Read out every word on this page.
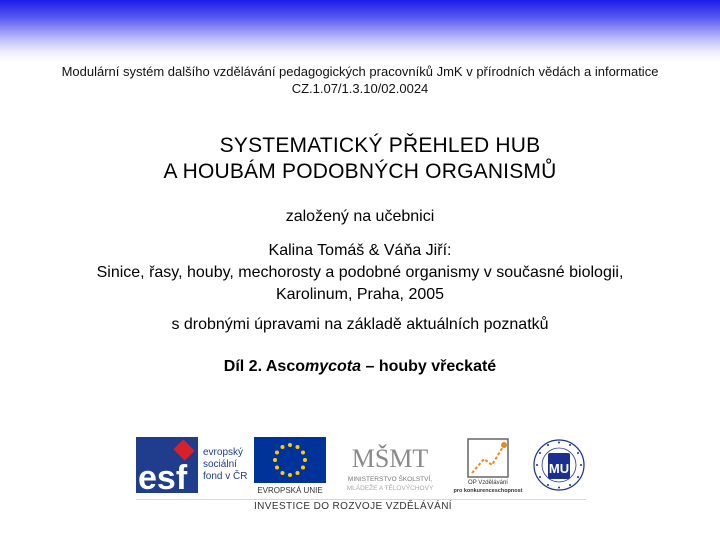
Modulární systém dalšího vzdělávání pedagogických pracovníků JmK v přírodních vědách a informatice CZ.1.07/1.3.10/02.0024
SYSTEMATICKÝ PŘEHLED HUB
A HOUBÁM PODOBNÝCH ORGANISMŮ
založený na učebnici
Kalina Tomáš & Váňa Jiří:
Sinice, řasy, houby, mechorosty a podobné organismy v současné biologii,
Karolinum, Praha, 2005
s drobnými úpravami na základě aktuálních poznatků
Díl 2. Ascomycota – houby vřeckaté
esf
evropský
sociální
fond v ČR
EVROPSKÁ UNIE
MŠMT
MINISTERSTVO ŠKOLSTVÍ,
MLÁDEŽE A TĚLOVÝCHOVY
OP Vzdělávání
pro konkurenceschopnost
MU
INVESTICE DO ROZVOJE VZDĚLÁVÁNÍ
